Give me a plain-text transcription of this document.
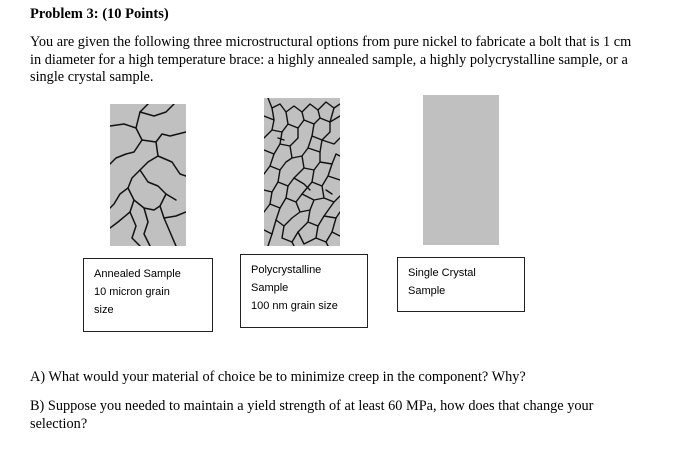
Problem 3: (10 Points)
You are given the following three microstructural options from pure nickel to fabricate a bolt that is 1 cm
in diameter for a high temperature brace: a highly annealed sample, a highly polycrystalline sample, or a
single crystal sample.
Annealed Sample
10 micron grain
size
Polycrystalline
Sample
100 nm grain size
Single Crystal
Sample
A) What would your material of choice be to minimize creep in the component? Why?
B) Suppose you needed to maintain a yield strength of at least 60 MPa, how does that change your
selection?
